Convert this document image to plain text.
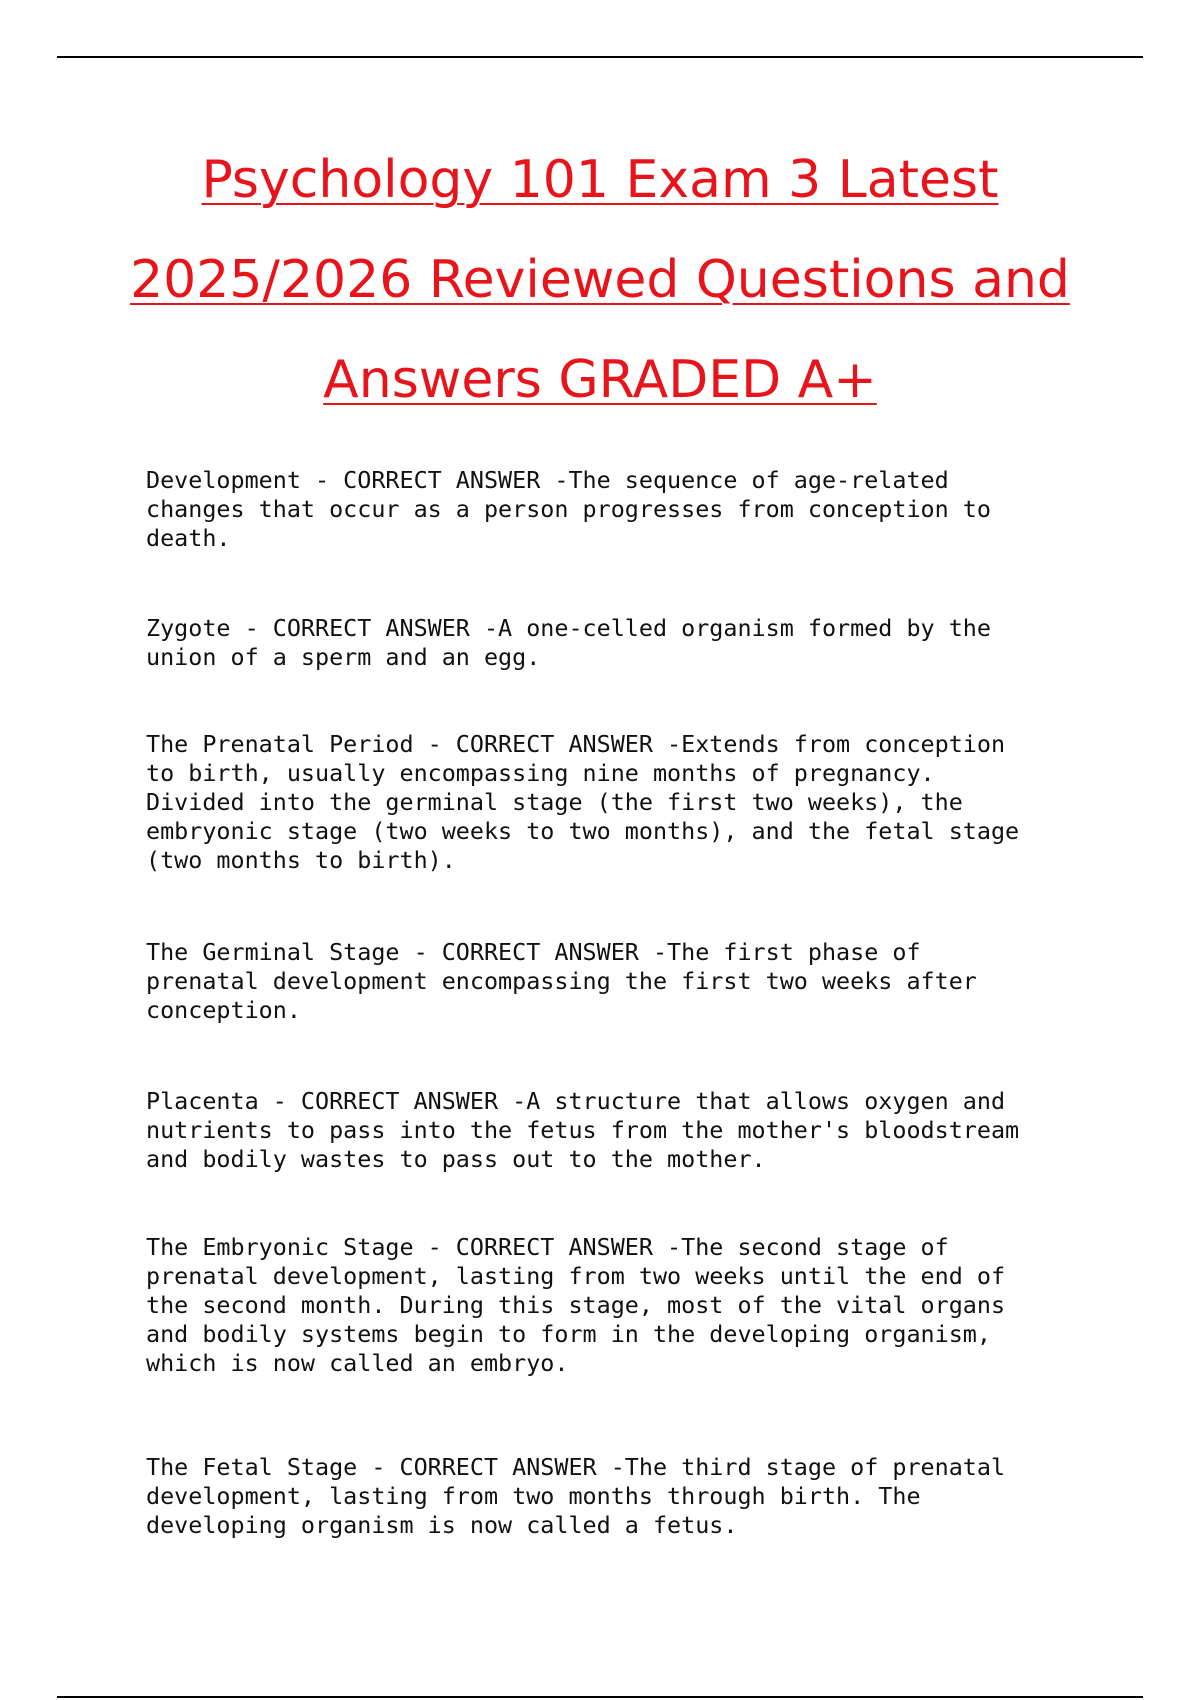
Psychology 101 Exam 3 Latest
2025/2026 Reviewed Questions and
Answers GRADED A+

Development - CORRECT ANSWER -The sequence of age-related
changes that occur as a person progresses from conception to
death.

Zygote - CORRECT ANSWER -A one-celled organism formed by the
union of a sperm and an egg.

The Prenatal Period - CORRECT ANSWER -Extends from conception
to birth, usually encompassing nine months of pregnancy.
Divided into the germinal stage (the first two weeks), the
embryonic stage (two weeks to two months), and the fetal stage
(two months to birth).

The Germinal Stage - CORRECT ANSWER -The first phase of
prenatal development encompassing the first two weeks after
conception.

Placenta - CORRECT ANSWER -A structure that allows oxygen and
nutrients to pass into the fetus from the mother's bloodstream
and bodily wastes to pass out to the mother.

The Embryonic Stage - CORRECT ANSWER -The second stage of
prenatal development, lasting from two weeks until the end of
the second month. During this stage, most of the vital organs
and bodily systems begin to form in the developing organism,
which is now called an embryo.

The Fetal Stage - CORRECT ANSWER -The third stage of prenatal
development, lasting from two months through birth. The
developing organism is now called a fetus.
